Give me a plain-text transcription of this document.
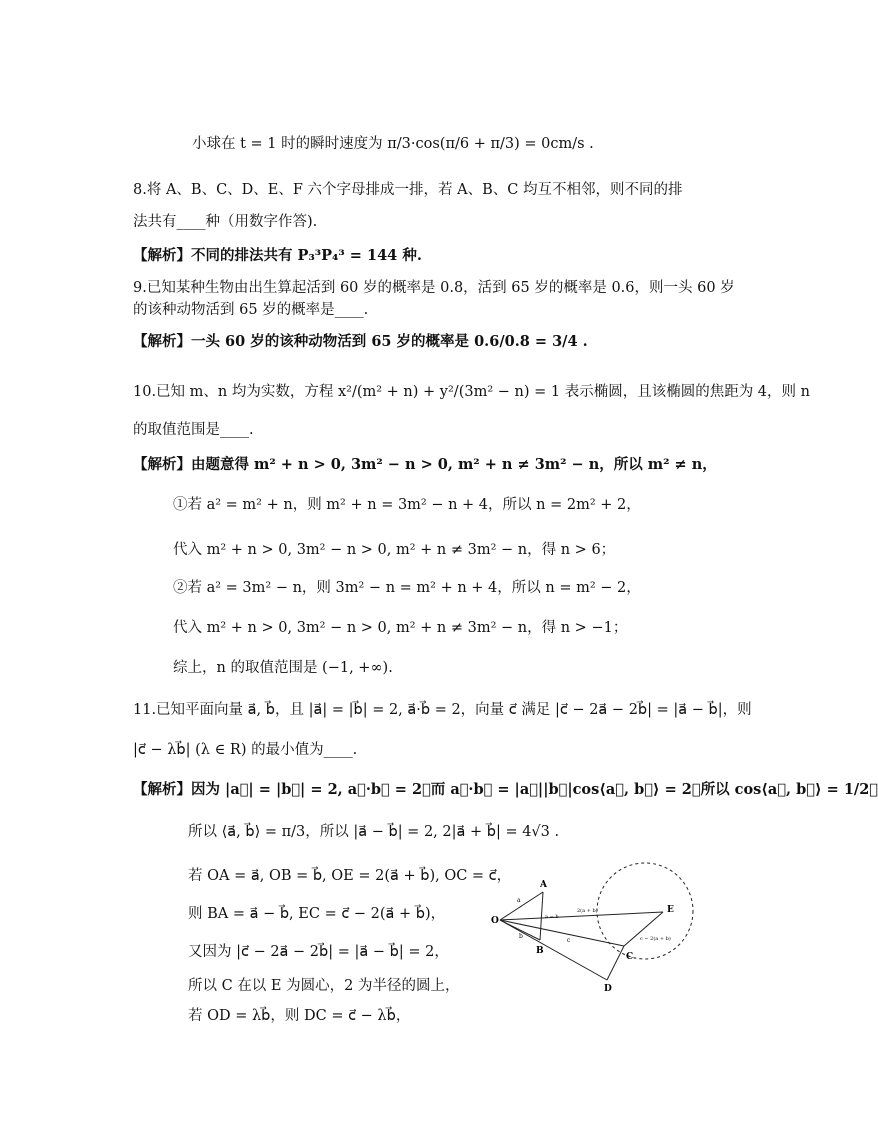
小球在 t = 1 时的瞬时速度为 π/3·cos(π/6 + π/3) = 0cm/s .
8.将 A、B、C、D、E、F 六个字母排成一排，若 A、B、C 均互不相邻，则不同的排
法共有____种（用数字作答).
【解析】不同的排法共有 P₃³P₄³ = 144 种.
9.已知某种生物由出生算起活到 60 岁的概率是 0.8，活到 65 岁的概率是 0.6，则一头 60 岁
的该种动物活到 65 岁的概率是____.
【解析】一头 60 岁的该种动物活到 65 岁的概率是 0.6/0.8 = 3/4 .
10.已知 m、n 均为实数，方程 x²/(m² + n) + y²/(3m² − n) = 1 表示椭圆，且该椭圆的焦距为 4，则 n
的取值范围是____.
【解析】由题意得 m² + n > 0, 3m² − n > 0, m² + n ≠ 3m² − n，所以 m² ≠ n，
①若 a² = m² + n，则 m² + n = 3m² − n + 4，所以 n = 2m² + 2，
代入 m² + n > 0, 3m² − n > 0, m² + n ≠ 3m² − n，得 n > 6；
②若 a² = 3m² − n，则 3m² − n = m² + n + 4，所以 n = m² − 2，
代入 m² + n > 0, 3m² − n > 0, m² + n ≠ 3m² − n，得 n > −1；
综上，n 的取值范围是 (−1, +∞).
11.已知平面向量 a⃗, b⃗，且 |a⃗| = |b⃗| = 2, a⃗·b⃗ = 2，向量 c⃗ 满足 |c⃗ − 2a⃗ − 2b⃗| = |a⃗ − b⃗|，则
|c⃗ − λb⃗| (λ ∈ R) 的最小值为____.
【解析】因为 |a⃗| = |b⃗| = 2, a⃗·b⃗ = 2，而 a⃗·b⃗ = |a⃗||b⃗|cos⟨a⃗, b⃗⟩ = 2，所以 cos⟨a⃗, b⃗⟩ = 1/2，
所以 ⟨a⃗, b⃗⟩ = π/3，所以 |a⃗ − b⃗| = 2, 2|a⃗ + b⃗| = 4√3 .
若 OA = a⃗, OB = b⃗, OE = 2(a⃗ + b⃗), OC = c⃗，
则 BA = a⃗ − b⃗, EC = c⃗ − 2(a⃗ + b⃗)，
又因为 |c⃗ − 2a⃗ − 2b⃗| = |a⃗ − b⃗| = 2，
所以 C 在以 E 为圆心，2 为半径的圆上，
若 OD = λb⃗，则 DC = c⃗ − λb⃗，
O
A
B
E
C
D
a
b
a − b
2(a + b)
c	c − 2(a + b)
